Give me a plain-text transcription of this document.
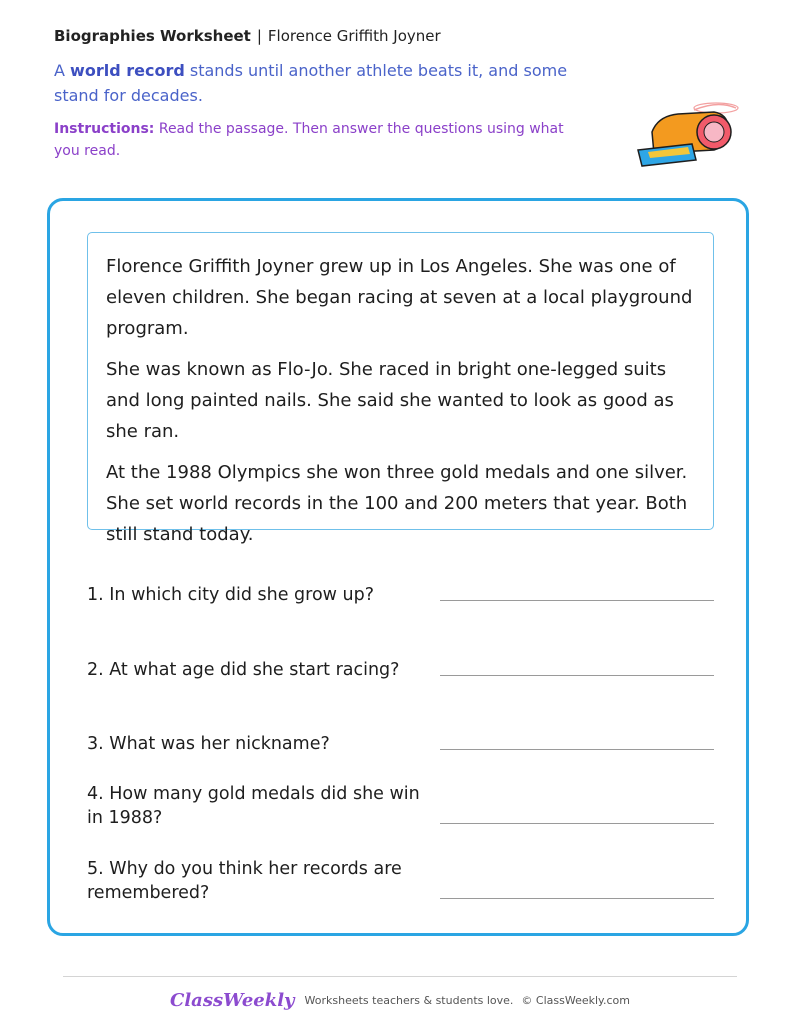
Biographies Worksheet | Florence Griffith Joyner
A world record stands until another athlete beats it, and some stand for decades.
Instructions: Read the passage. Then answer the questions using what you read.

Florence Griffith Joyner grew up in Los Angeles. She was one of eleven children. She began racing at seven at a local playground program.

She was known as Flo-Jo. She raced in bright one-legged suits and long painted nails. She said she wanted to look as good as she ran.

At the 1988 Olympics she won three gold medals and one silver. She set world records in the 100 and 200 meters that year. Both still stand today.

1. In which city did she grow up?
2. At what age did she start racing?
3. What was her nickname?
4. How many gold medals did she win in 1988?
5. Why do you think her records are remembered?
ClassWeekly Worksheets teachers & students love. © ClassWeekly.com
